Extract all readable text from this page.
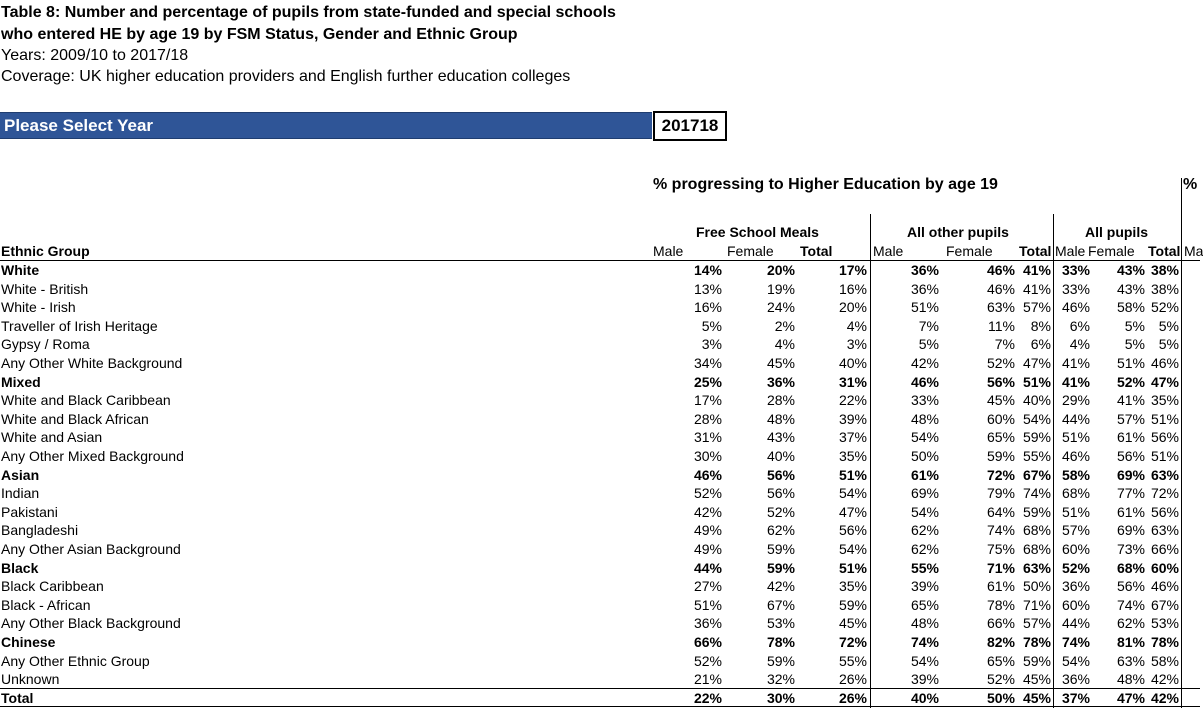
Table 8: Number and percentage of pupils from state-funded and special schools
who entered HE by age 19 by FSM Status, Gender and Ethnic Group
Years: 2009/10 to 2017/18
Coverage: UK higher education providers and English further education colleges
Please Select Year	201718
% progressing to Higher Education by age 19	%
Free School Meals	All other pupils	All pupils
Ethnic Group	Male	Female Total	Male	Female Total Male Female Total Ma
White	14%	20%	17%	36%	46% 41% 33% 43% 38%
White - British	13%	19%	16%	36%	46% 41% 33% 43% 38%
White - Irish	16%	24%	20%	51%	63% 57% 46% 58% 52%
Traveller of Irish Heritage	5%	2%	4%	7%	11% 8% 6% 5% 5%
Gypsy / Roma	3%	4%	3%	5%	7% 6% 4% 5% 5%
Any Other White Background	34%	45%	40%	42%	52% 47% 41% 51% 46%
Mixed	25%	36%	31%	46%	56% 51% 41% 52% 47%
White and Black Caribbean	17%	28%	22%	33%	45% 40% 29% 41% 35%
White and Black African	28%	48%	39%	48%	60% 54% 44% 57% 51%
White and Asian	31%	43%	37%	54%	65% 59% 51% 61% 56%
Any Other Mixed Background	30%	40%	35%	50%	59% 55% 46% 56% 51%
Asian	46%	56%	51%	61%	72% 67% 58% 69% 63%
Indian	52%	56%	54%	69%	79% 74% 68% 77% 72%
Pakistani	42%	52%	47%	54%	64% 59% 51% 61% 56%
Bangladeshi	49%	62%	56%	62%	74% 68% 57% 69% 63%
Any Other Asian Background	49%	59%	54%	62%	75% 68% 60% 73% 66%
Black	44%	59%	51%	55%	71% 63% 52% 68% 60%
Black Caribbean	27%	42%	35%	39%	61% 50% 36% 56% 46%
Black - African	51%	67%	59%	65%	78% 71% 60% 74% 67%
Any Other Black Background	36%	53%	45%	48%	66% 57% 44% 62% 53%
Chinese	66%	78%	72%	74%	82% 78% 74% 81% 78%
Any Other Ethnic Group	52%	59%	55%	54%	65% 59% 54% 63% 58%
Unknown	21%	32%	26%	39%	52% 45% 36% 48% 42%
Total	22%	30%	26%	40%	50% 45% 37% 47% 42%
